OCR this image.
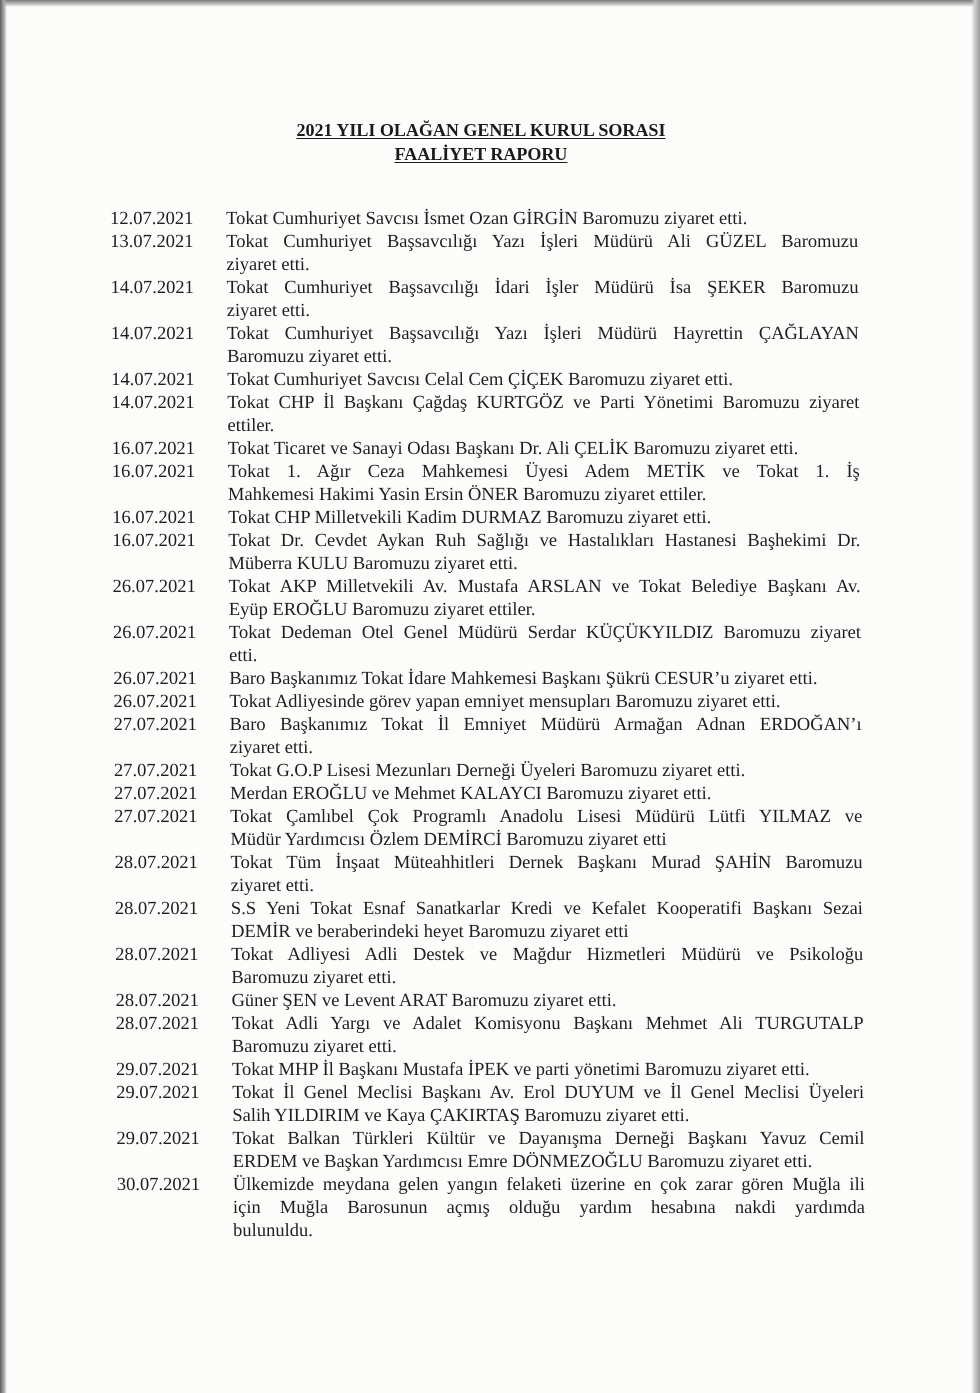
2021 YILI OLAĞAN GENEL KURUL SORASI
FAALİYET RAPORU
12.07.2021	Tokat Cumhuriyet Savcısı İsmet Ozan GİRGİN Baromuzu ziyaret etti.
13.07.2021	Tokat Cumhuriyet Başsavcılığı Yazı İşleri Müdürü Ali GÜZEL Baromuzu
ziyaret etti.
14.07.2021	Tokat Cumhuriyet Başsavcılığı İdari İşler Müdürü İsa ŞEKER Baromuzu
ziyaret etti.
14.07.2021	Tokat Cumhuriyet Başsavcılığı Yazı İşleri Müdürü Hayrettin ÇAĞLAYAN
Baromuzu ziyaret etti.
14.07.2021	Tokat Cumhuriyet Savcısı Celal Cem ÇİÇEK Baromuzu ziyaret etti.
14.07.2021	Tokat CHP İl Başkanı Çağdaş KURTGÖZ ve Parti Yönetimi Baromuzu ziyaret
ettiler.
16.07.2021	Tokat Ticaret ve Sanayi Odası Başkanı Dr. Ali ÇELİK Baromuzu ziyaret etti.
16.07.2021	Tokat 1. Ağır Ceza Mahkemesi Üyesi Adem METİK ve Tokat 1. İş
Mahkemesi Hakimi Yasin Ersin ÖNER Baromuzu ziyaret ettiler.
16.07.2021	Tokat CHP Milletvekili Kadim DURMAZ Baromuzu ziyaret etti.
16.07.2021	Tokat Dr. Cevdet Aykan Ruh Sağlığı ve Hastalıkları Hastanesi Başhekimi Dr.
Müberra KULU Baromuzu ziyaret etti.
26.07.2021	Tokat AKP Milletvekili Av. Mustafa ARSLAN ve Tokat Belediye Başkanı Av.
Eyüp EROĞLU Baromuzu ziyaret ettiler.
26.07.2021	Tokat Dedeman Otel Genel Müdürü Serdar KÜÇÜKYILDIZ Baromuzu ziyaret
etti.
26.07.2021	Baro Başkanımız Tokat İdare Mahkemesi Başkanı Şükrü CESUR’u ziyaret etti.
26.07.2021	Tokat Adliyesinde görev yapan emniyet mensupları Baromuzu ziyaret etti.
27.07.2021	Baro Başkanımız Tokat İl Emniyet Müdürü Armağan Adnan ERDOĞAN’ı
ziyaret etti.
27.07.2021	Tokat G.O.P Lisesi Mezunları Derneği Üyeleri Baromuzu ziyaret etti.
27.07.2021	Merdan EROĞLU ve Mehmet KALAYCI Baromuzu ziyaret etti.
27.07.2021	Tokat Çamlıbel Çok Programlı Anadolu Lisesi Müdürü Lütfi YILMAZ ve
Müdür Yardımcısı Özlem DEMİRCİ Baromuzu ziyaret etti
28.07.2021	Tokat Tüm İnşaat Müteahhitleri Dernek Başkanı Murad ŞAHİN Baromuzu
ziyaret etti.
28.07.2021	S.S Yeni Tokat Esnaf Sanatkarlar Kredi ve Kefalet Kooperatifi Başkanı Sezai
DEMİR ve beraberindeki heyet Baromuzu ziyaret etti
28.07.2021	Tokat Adliyesi Adli Destek ve Mağdur Hizmetleri Müdürü ve Psikoloğu
Baromuzu ziyaret etti.
28.07.2021	Güner ŞEN ve Levent ARAT Baromuzu ziyaret etti.
28.07.2021	Tokat Adli Yargı ve Adalet Komisyonu Başkanı Mehmet Ali TURGUTALP
Baromuzu ziyaret etti.
29.07.2021	Tokat MHP İl Başkanı Mustafa İPEK ve parti yönetimi Baromuzu ziyaret etti.
29.07.2021	Tokat İl Genel Meclisi Başkanı Av. Erol DUYUM ve İl Genel Meclisi Üyeleri
Salih YILDIRIM ve Kaya ÇAKIRTAŞ Baromuzu ziyaret etti.
29.07.2021	Tokat Balkan Türkleri Kültür ve Dayanışma Derneği Başkanı Yavuz Cemil
ERDEM ve Başkan Yardımcısı Emre DÖNMEZOĞLU Baromuzu ziyaret etti.
30.07.2021	Ülkemizde meydana gelen yangın felaketi üzerine en çok zarar gören Muğla ili
için Muğla Barosunun açmış olduğu yardım hesabına nakdi yardımda
bulunuldu.
